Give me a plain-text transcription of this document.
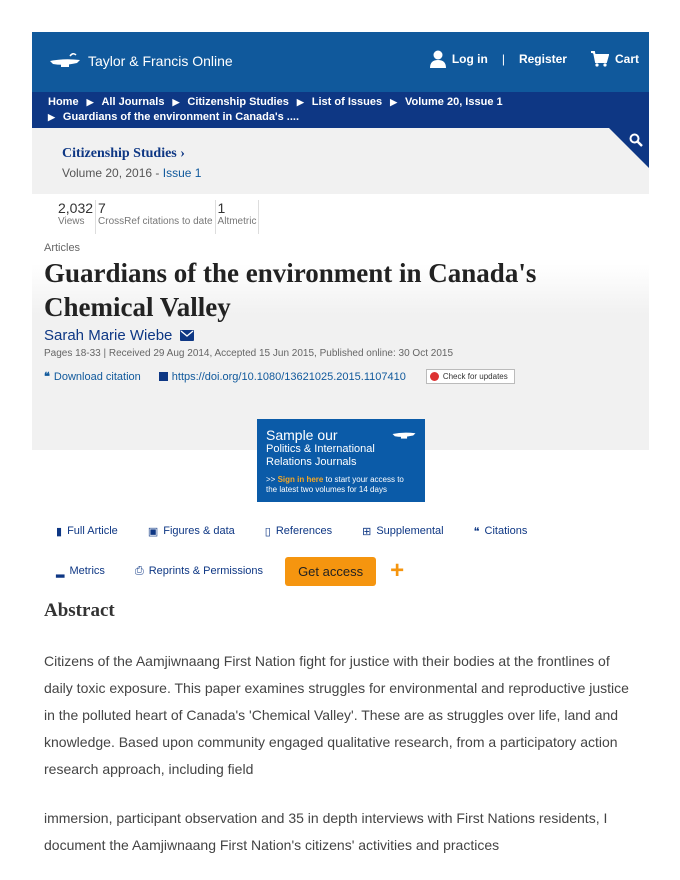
Taylor & Francis Online	Log in | Register	Cart
Home ▶ All Journals ▶ Citizenship Studies ▶ List of Issues ▶ Volume 20, Issue 1
▶ Guardians of the environment in Canada's ....
Citizenship Studies ›
Volume 20, 2016 - Issue 1
2,032
Views
7
CrossRef citations to date
1
Altmetric
Articles
Guardians of the environment in Canada's Chemical Valley
Sarah Marie Wiebe
Pages 18-33 | Received 29 Aug 2014, Accepted 15 Jun 2015, Published online: 30 Oct 2015
❝ Download citation	https://doi.org/10.1080/13621025.2015.1107410	Check for updates
Sample our
Politics & International Relations Journals
>> Sign in here to start your access to the latest two volumes for 14 days
▮ Full Article	▣ Figures & data	▯ References	⊞ Supplemental	❝ Citations
▂ Metrics	⎙ Reprints & Permissions	Get access	+
Abstract

Citizens of the Aamjiwnaang First Nation fight for justice with their bodies at the frontlines of daily toxic exposure. This paper examines struggles for environmental and reproductive justice in the polluted heart of Canada's 'Chemical Valley'. These are as struggles over life, land and knowledge. Based upon community engaged qualitative research, from a participatory action research approach, including field

immersion, participant observation and 35 in depth interviews with First Nations residents, I document the Aamjiwnaang First Nation's citizens' activities and practices
